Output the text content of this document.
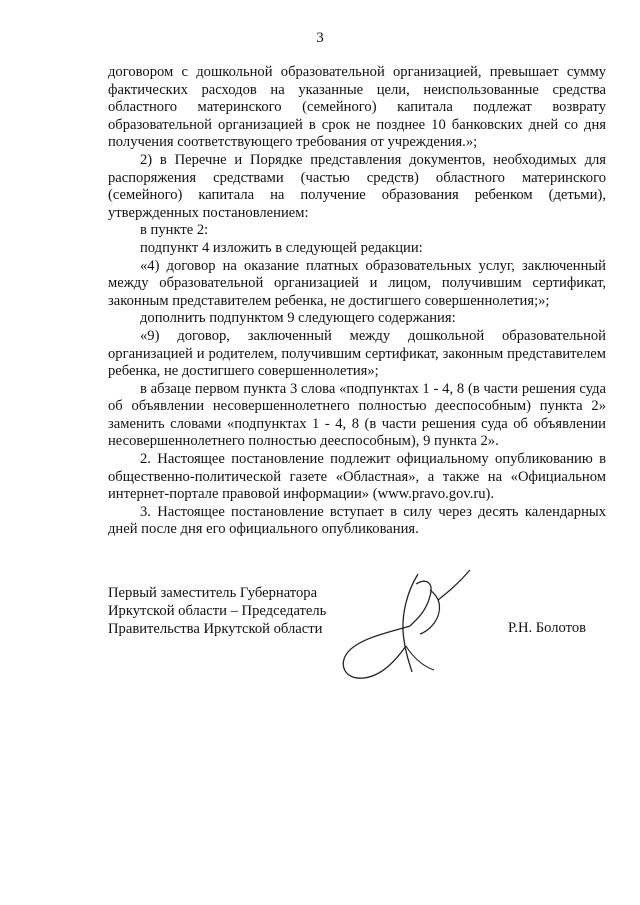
3

договором с дошкольной образовательной организацией, превышает сумму фактических расходов на указанные цели, неиспользованные средства областного материнского (семейного) капитала подлежат возврату образовательной организацией в срок не позднее 10 банковских дней со дня получения соответствующего требования от учреждения.»;

2) в Перечне и Порядке представления документов, необходимых для распоряжения средствами (частью средств) областного материнского (семейного) капитала на получение образования ребенком (детьми), утвержденных постановлением:

в пункте 2:

подпункт 4 изложить в следующей редакции:

«4) договор на оказание платных образовательных услуг, заключенный между образовательной организацией и лицом, получившим сертификат, законным представителем ребенка, не достигшего совершеннолетия;»;

дополнить подпунктом 9 следующего содержания:

«9) договор, заключенный между дошкольной образовательной организацией и родителем, получившим сертификат, законным представителем ребенка, не достигшего совершеннолетия»;

в абзаце первом пункта 3 слова «подпунктах 1 - 4, 8 (в части решения суда об объявлении несовершеннолетнего полностью дееспособным) пункта 2» заменить словами «подпунктах 1 - 4, 8 (в части решения суда об объявлении несовершеннолетнего полностью дееспособным), 9 пункта 2».

2. Настоящее постановление подлежит официальному опубликованию в общественно-политической газете «Областная», а также на «Официальном интернет-портале правовой информации» (www.pravo.gov.ru).

3. Настоящее постановление вступает в силу через десять календарных дней после дня его официального опубликования.

Первый заместитель Губернатора
Иркутской области – Председатель
Правительства Иркутской области	Р.Н. Болотов
